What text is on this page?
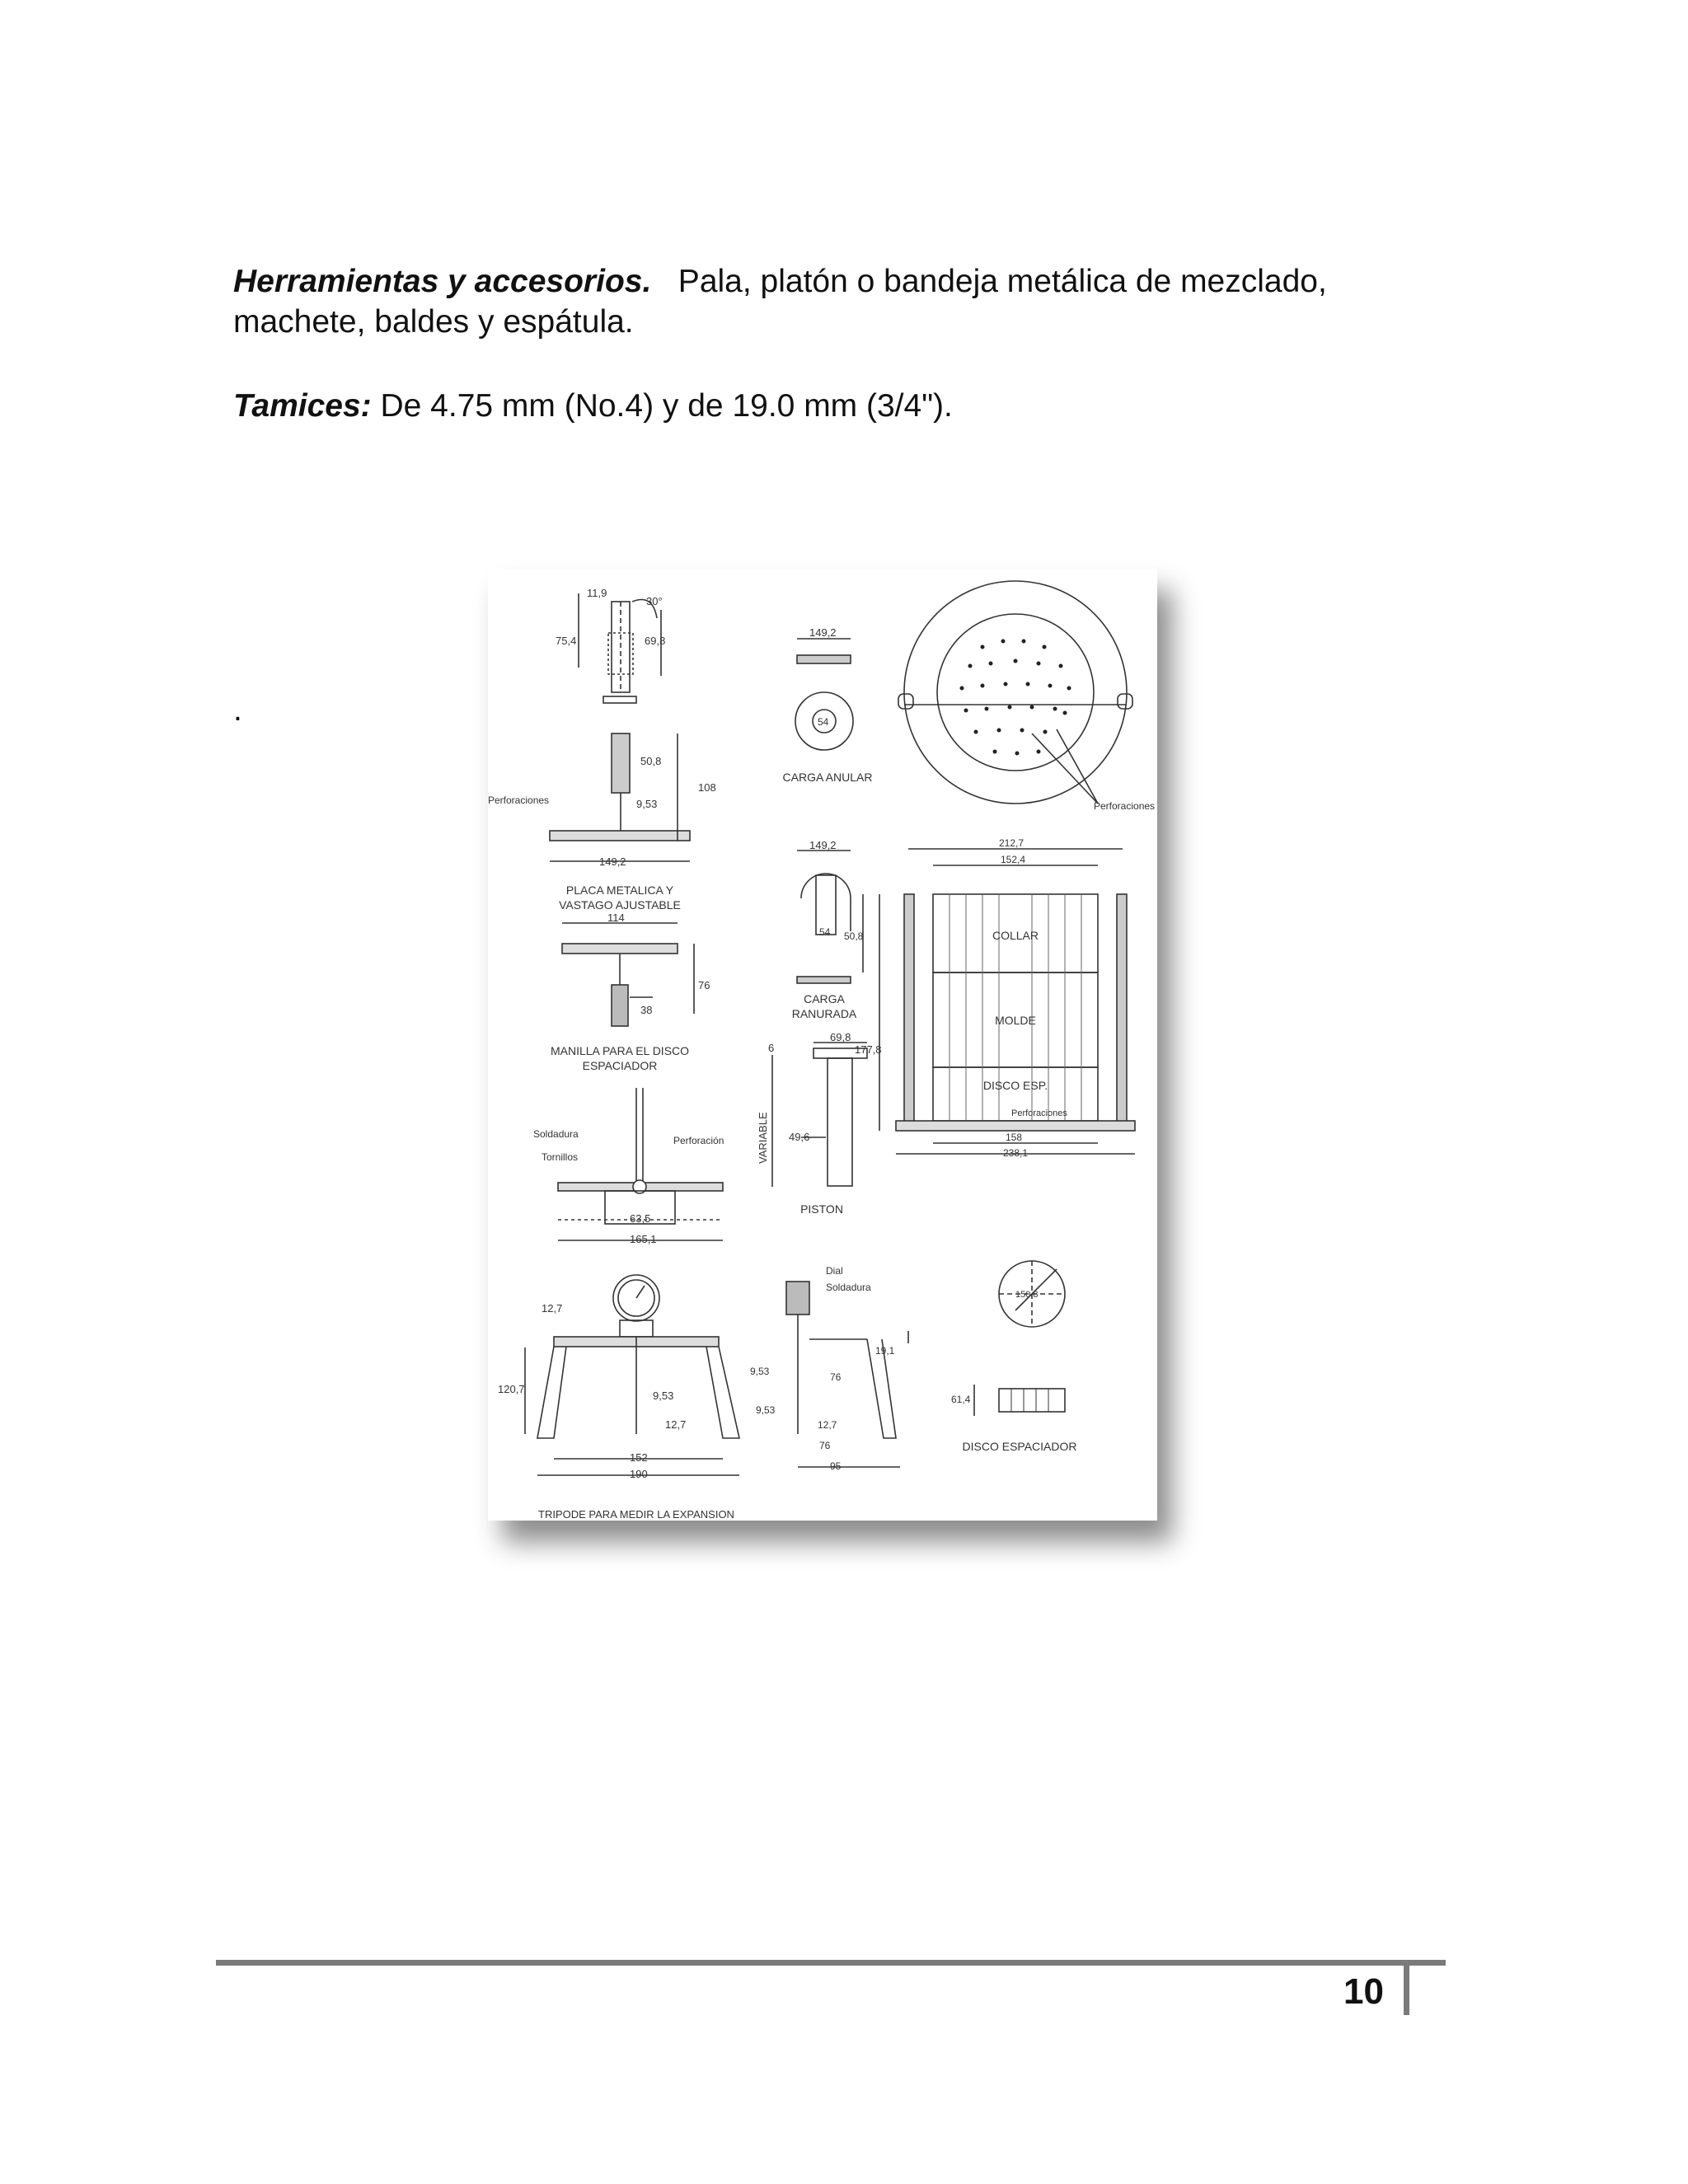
Herramientas y accesorios.   Pala, platón o bandeja metálica de mezclado, machete, baldes y espátula.

Tamices: De 4.75 mm (No.4) y de 19.0 mm (3/4").

.
11,9
30°
75,4	69,8
50,8
108
9,53
Perforaciones
149,2
PLACA METALICA Y
VASTAGO AJUSTABLE
114
76
38
MANILLA PARA EL DISCO
ESPACIADOR
Soldadura
Tornillos
Perforación
63,5
165,1
12,7
120,7
9,53
12,7
152
190
TRIPODE PARA MEDIR LA EXPANSION
149,2
54
CARGA ANULAR
149,2
54
CARGA
RANURADA
69,8
6	177,8
49,6
VARIABLE
PISTON
Dial
Soldadura
19,1
9,53	76
9,53
12,7
76
95
Perforaciones
212,7
152,4
50,8	COLLAR
MOLDE
DISCO ESP.
Perforaciones
158
238,1
150,8
61,4
DISCO ESPACIADOR
10
